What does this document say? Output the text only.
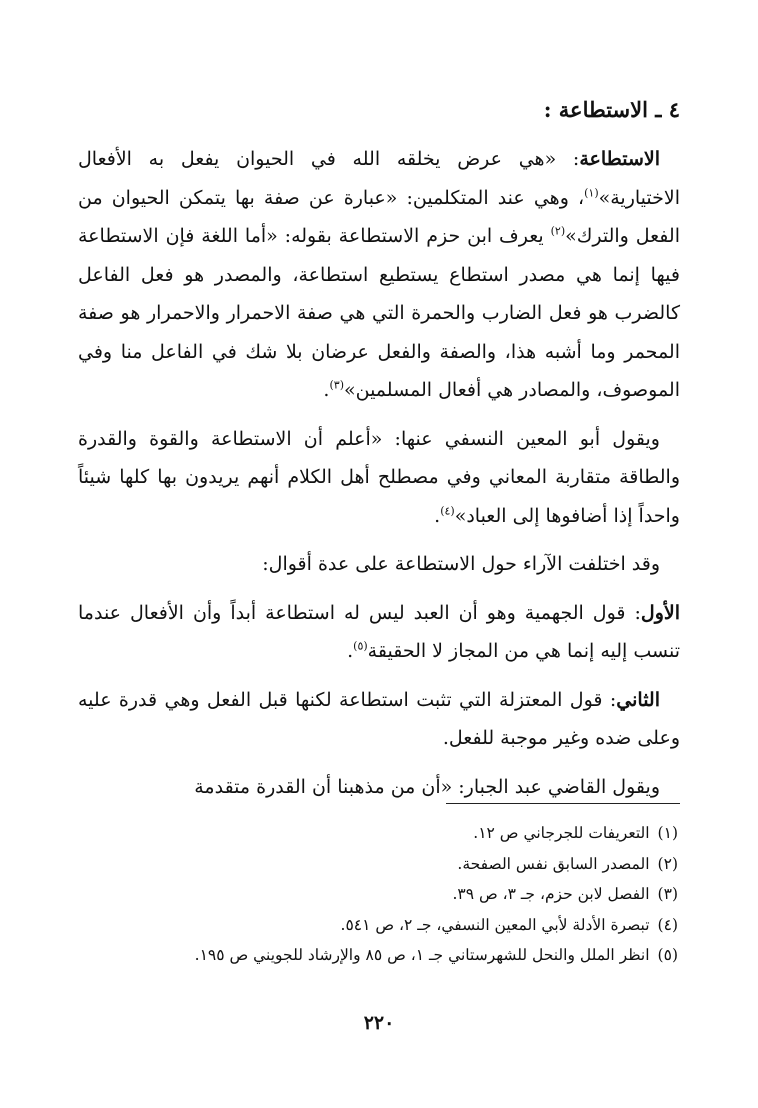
٤ ـ الاستطاعة :

الاستطاعة: «هي عرض يخلقه الله في الحيوان يفعل به الأفعال الاختيارية»$^{(١)}$، وهي عند المتكلمين: «عبارة عن صفة بها يتمكن الحيوان من الفعل والترك»$^{(٢)}$ يعرف ابن حزم الاستطاعة بقوله: «أما اللغة فإن الاستطاعة فيها إنما هي مصدر استطاع يستطيع استطاعة، والمصدر هو فعل الفاعل كالضرب هو فعل الضارب والحمرة التي هي صفة الاحمرار والاحمرار هو صفة المحمر وما أشبه هذا، والصفة والفعل عرضان بلا شك في الفاعل منا وفي الموصوف، والمصادر هي أفعال المسلمين»$^{(٣)}$.

ويقول أبو المعين النسفي عنها: «أعلم أن الاستطاعة والقوة والقدرة والطاقة متقاربة المعاني وفي مصطلح أهل الكلام أنهم يريدون بها كلها شيئاً واحداً إذا أضافوها إلى العباد»$^{(٤)}$.

وقد اختلفت الآراء حول الاستطاعة على عدة أقوال:

الأول: قول الجهمية وهو أن العبد ليس له استطاعة أبداً وأن الأفعال عندما تنسب إليه إنما هي من المجاز لا الحقيقة$^{(٥)}$.

الثاني: قول المعتزلة التي تثبت استطاعة لكنها قبل الفعل وهي قدرة عليه وعلى ضده وغير موجبة للفعل.

ويقول القاضي عبد الجبار: «أن من مذهبنا أن القدرة متقدمة

(١)التعريفات للجرجاني ص ١٢.

(٢)المصدر السابق نفس الصفحة.

(٣)الفصل لابن حزم، جـ ٣، ص ٣٩.

(٤)تبصرة الأدلة لأبي المعين النسفي، جـ ٢، ص ٥٤١.

(٥)انظر الملل والنحل للشهرستاني جـ ١، ص ٨٥ والإرشاد للجويني ص ١٩٥.

٢٢٠
